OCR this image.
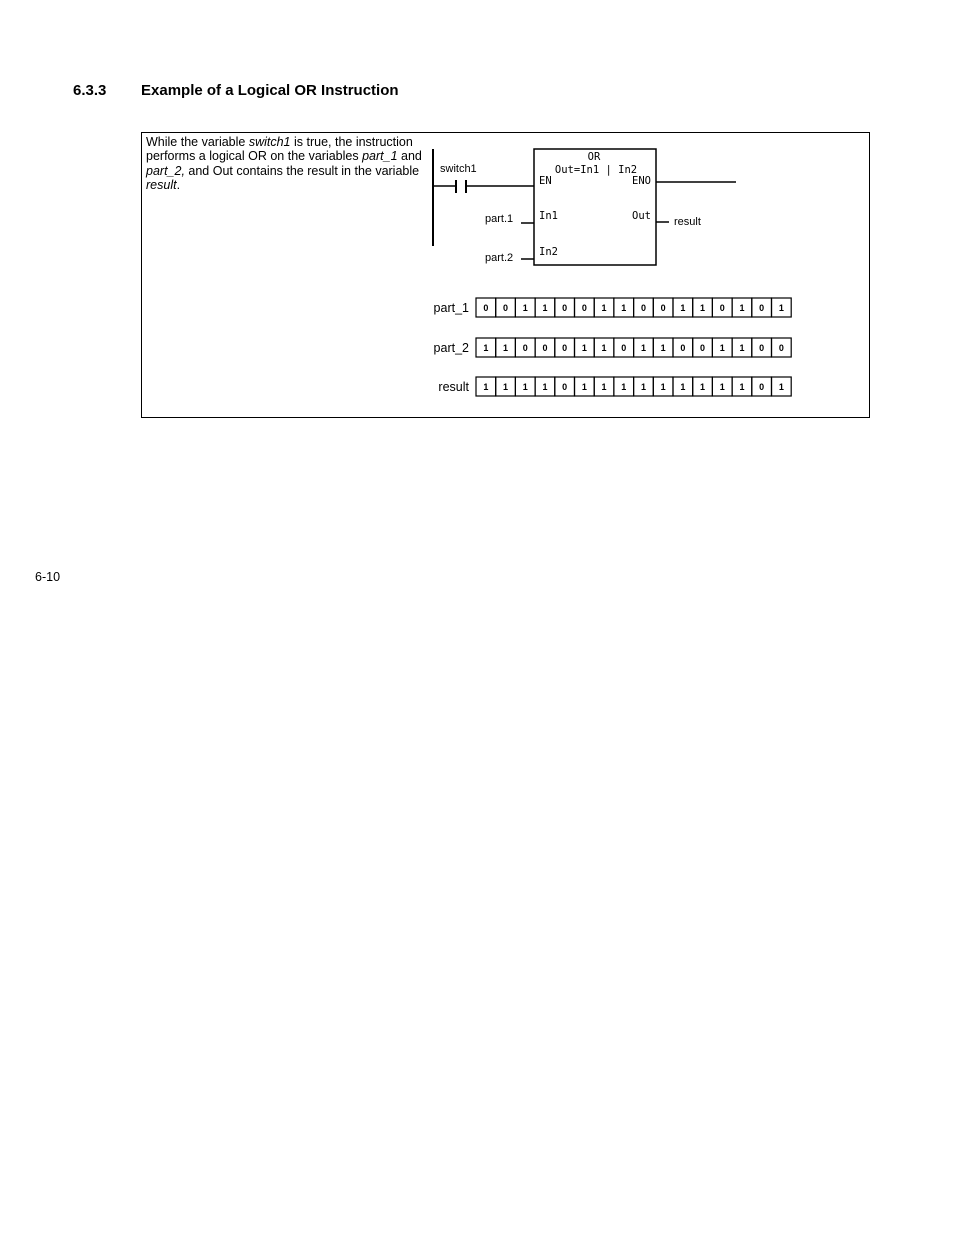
6.3.3 Example of a Logical OR Instruction
While the variable switch1 is true, the instruction performs a logical OR on the variables part_1 and part_2, and Out contains the result in the variable result.
switch1
OR
Out=In1 | In2
EN	ENO
In1	Out
In2
part.1
part.2
result
part_1 0 0 1 1 0 0 1 1 0 0 1 1 0 1 0 1
part_2 1 1 0 0 0 1 1 0 1 1 0 0 1 1 0 0
result 1 1 1 1 0 1 1 1 1 1 1 1 1 1 0 1
6-10
